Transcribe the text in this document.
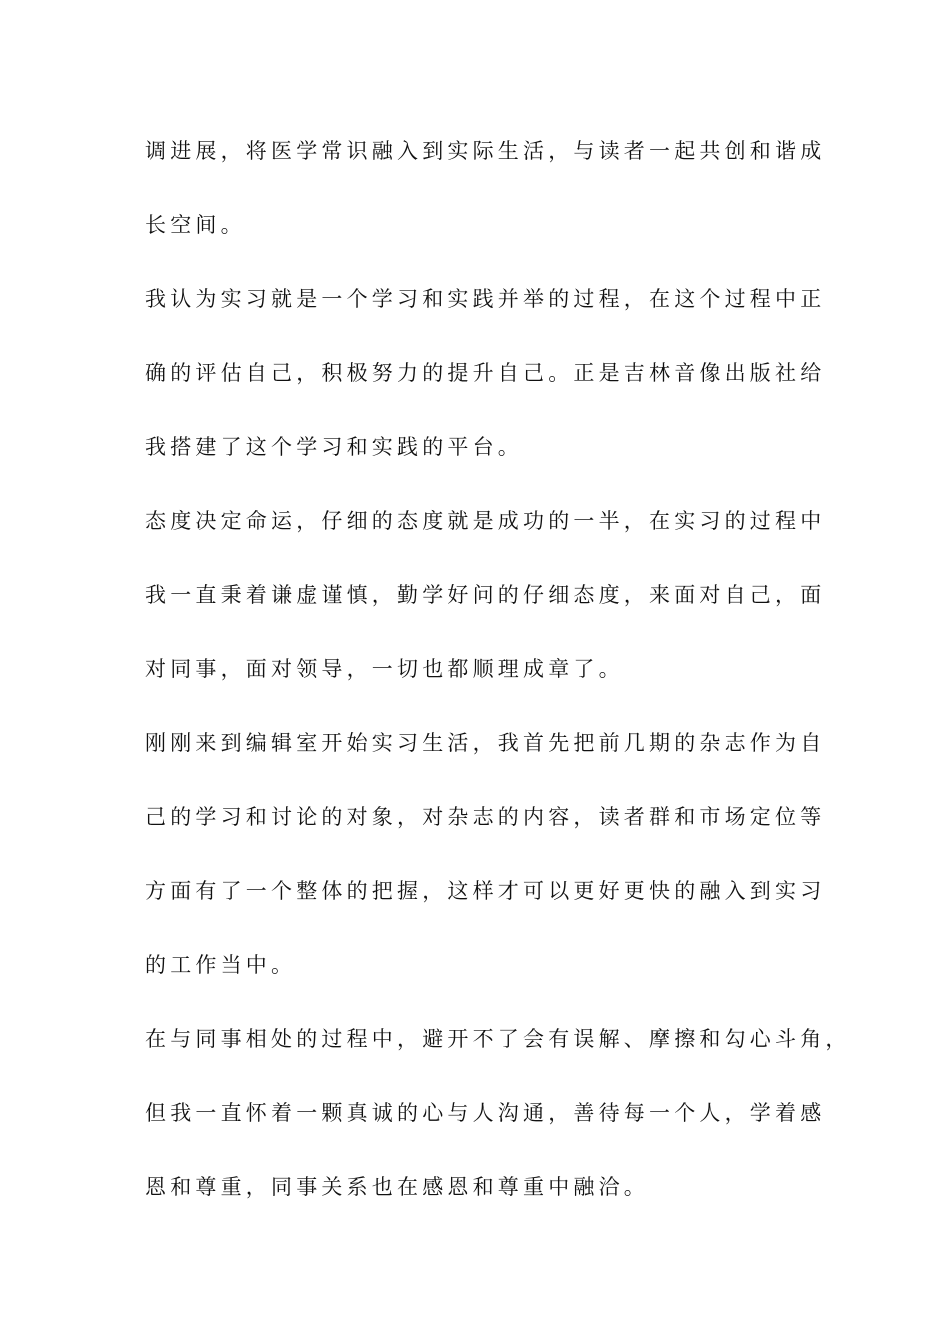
调进展，将医学常识融入到实际生活，与读者一起共创和谐成
长空间。
我认为实习就是一个学习和实践并举的过程，在这个过程中正
确的评估自己，积极努力的提升自己。正是吉林音像出版社给
我搭建了这个学习和实践的平台。
态度决定命运，仔细的态度就是成功的一半，在实习的过程中
我一直秉着谦虚谨慎，勤学好问的仔细态度，来面对自己，面
对同事，面对领导，一切也都顺理成章了。
刚刚来到编辑室开始实习生活，我首先把前几期的杂志作为自
己的学习和讨论的对象，对杂志的内容，读者群和市场定位等
方面有了一个整体的把握，这样才可以更好更快的融入到实习
的工作当中。
在与同事相处的过程中，避开不了会有误解、摩擦和勾心斗角，
但我一直怀着一颗真诚的心与人沟通，善待每一个人，学着感
恩和尊重，同事关系也在感恩和尊重中融洽。
